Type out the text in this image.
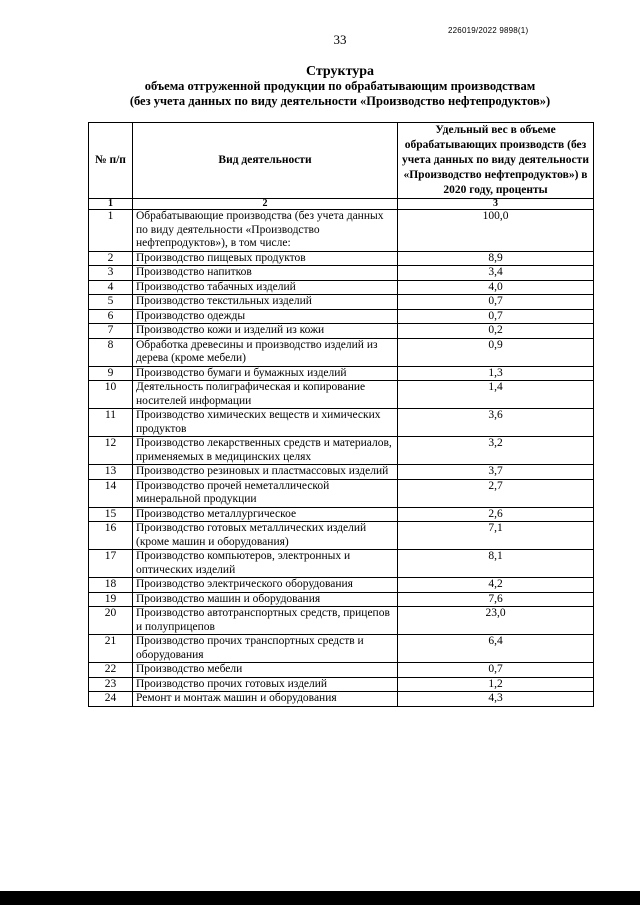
226019/2022 9898(1)
33
Структура
объема отгруженной продукции по обрабатывающим производствам
(без учета данных по виду деятельности «Производство нефтепродуктов»)
№ п/п	Вид деятельности	Удельный вес в объеме обрабатывающих производств (без учета данных по виду деятельности «Производство нефтепродуктов») в 2020 году, проценты
1	2	3
1	Обрабатывающие производства (без учета данных по виду деятельности «Производство нефтепродуктов»), в том числе:	100,0
2	Производство пищевых продуктов	8,9
3	Производство напитков	3,4
4	Производство табачных изделий	4,0
5	Производство текстильных изделий	0,7
6	Производство одежды	0,7
7	Производство кожи и изделий из кожи	0,2
8	Обработка древесины и производство изделий из дерева (кроме мебели)	0,9
9	Производство бумаги и бумажных изделий	1,3
10	Деятельность полиграфическая и копирование носителей информации	1,4
11	Производство химических веществ и химических продуктов	3,6
12	Производство лекарственных средств и материалов, применяемых в медицинских целях	3,2
13	Производство резиновых и пластмассовых изделий	3,7
14	Производство прочей неметаллической минеральной продукции	2,7
15	Производство металлургическое	2,6
16	Производство готовых металлических изделий (кроме машин и оборудования)	7,1
17	Производство компьютеров, электронных и оптических изделий	8,1
18	Производство электрического оборудования	4,2
19	Производство машин и оборудования	7,6
20	Производство автотранспортных средств, прицепов и полуприцепов	23,0
21	Производство прочих транспортных средств и оборудования	6,4
22	Производство мебели	0,7
23	Производство прочих готовых изделий	1,2
24	Ремонт и монтаж машин и оборудования	4,3
